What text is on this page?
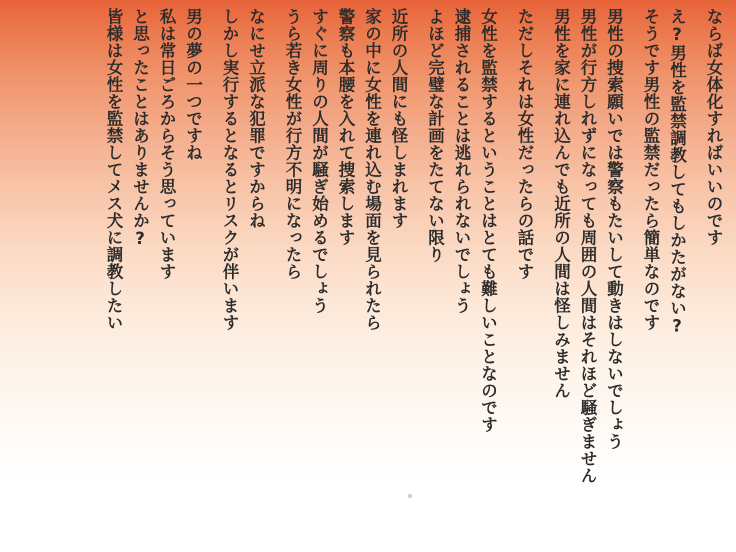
皆様は女性を監禁してメス犬に調教したい と思ったことはありませんか? 私は常日ごろからそう思っています 男の夢の一つですね しかし実行するとなるとリスクが伴います なにせ立派な犯罪ですからね うら若き女性が行方不明になったら すぐに周りの人間が騒ぎ始めるでしょう 警察も本腰を入れて捜索します 家の中に女性を連れ込む場面を見られたら 近所の人間にも怪しまれます よほど完璧な計画をたてない限り 逮捕されることは逃れられないでしょう 女性を監禁するということはとても難しいことなのです ただしそれは女性だったらの話です 男性を家に連れ込んでも近所の人間は怪しみません 男性が行方しれずになっても周囲の人間はそれほど騒ぎません 男性の捜索願いでは警察もたいして動きはしないでしょう そうです男性の監禁だったら簡単なのです え?男性を監禁調教してもしかたがない? ならば女体化すればいいのです
